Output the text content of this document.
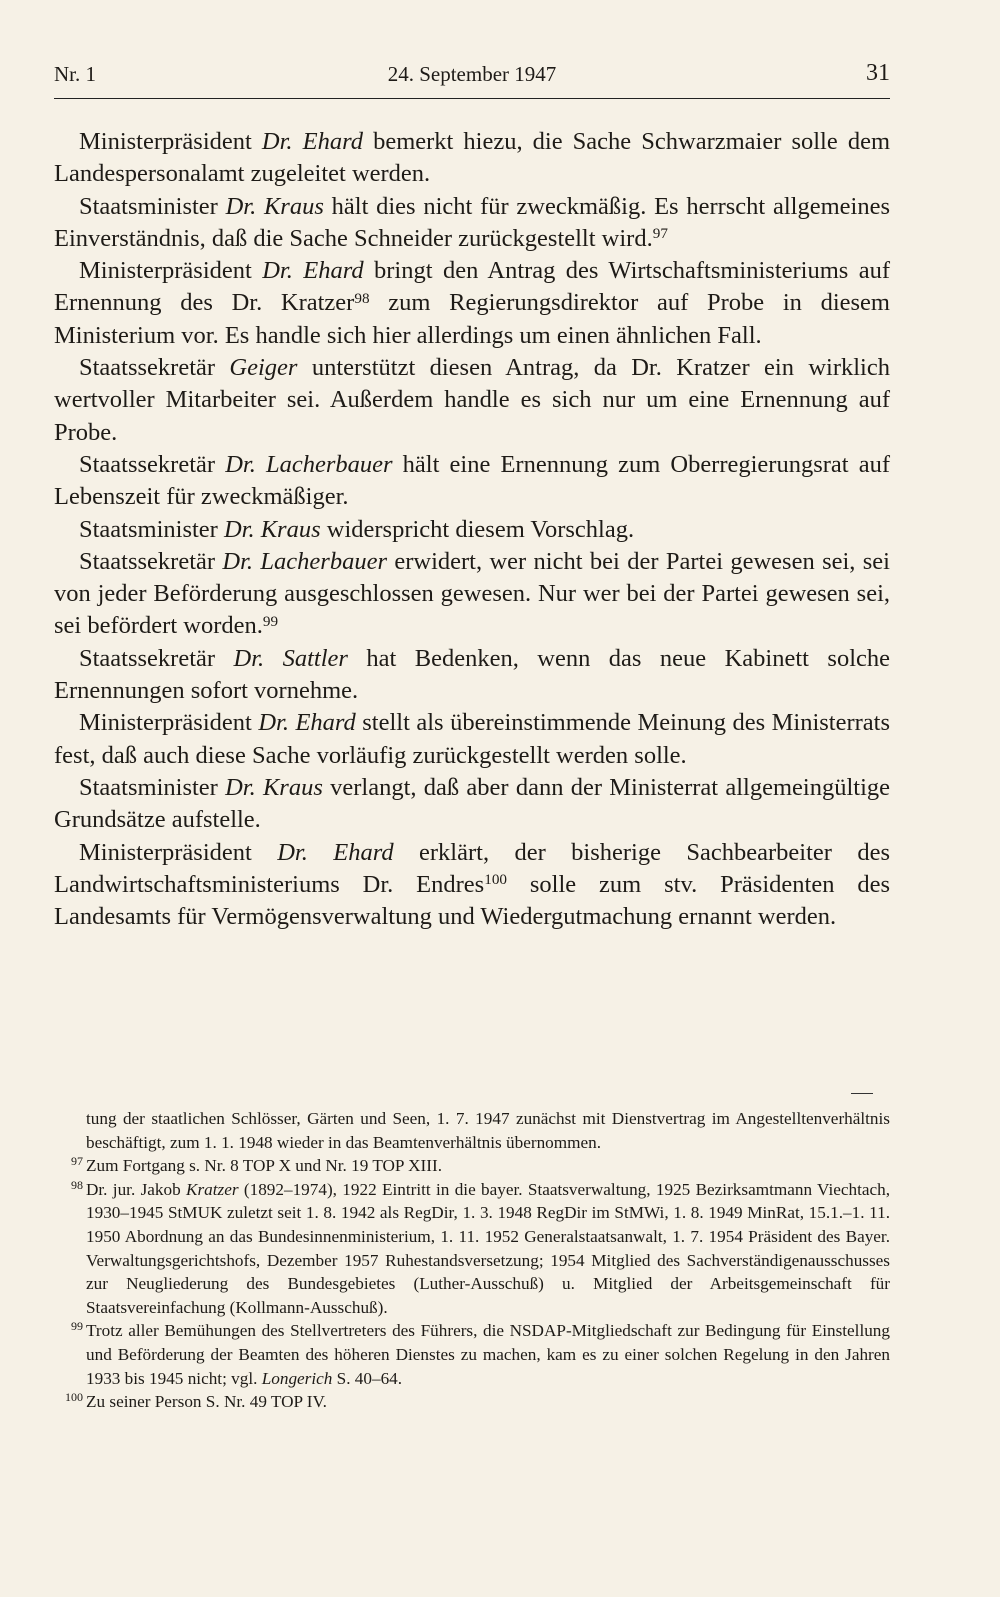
Nr. 1	24. September 1947	31

Ministerpräsident Dr. Ehard bemerkt hiezu, die Sache Schwarzmaier solle dem Landespersonalamt zugeleitet werden.

Staatsminister Dr. Kraus hält dies nicht für zweckmäßig. Es herrscht allgemeines Einverständnis, daß die Sache Schneider zurückgestellt wird.$^{97}$

Ministerpräsident Dr. Ehard bringt den Antrag des Wirtschaftsministeriums auf Ernennung des Dr. Kratzer$^{98}$ zum Regierungsdirektor auf Probe in diesem Ministerium vor. Es handle sich hier allerdings um einen ähnlichen Fall.

Staatssekretär Geiger unterstützt diesen Antrag, da Dr. Kratzer ein wirklich wertvoller Mitarbeiter sei. Außerdem handle es sich nur um eine Ernennung auf Probe.

Staatssekretär Dr. Lacherbauer hält eine Ernennung zum Oberregierungsrat auf Lebenszeit für zweckmäßiger.

Staatsminister Dr. Kraus widerspricht diesem Vorschlag.

Staatssekretär Dr. Lacherbauer erwidert, wer nicht bei der Partei gewesen sei, sei von jeder Beförderung ausgeschlossen gewesen. Nur wer bei der Partei gewesen sei, sei befördert worden.$^{99}$

Staatssekretär Dr. Sattler hat Bedenken, wenn das neue Kabinett solche Ernennungen sofort vornehme.

Ministerpräsident Dr. Ehard stellt als übereinstimmende Meinung des Ministerrats fest, daß auch diese Sache vorläufig zurückgestellt werden solle.

Staatsminister Dr. Kraus verlangt, daß aber dann der Ministerrat allgemeingültige Grundsätze aufstelle.

Ministerpräsident Dr. Ehard erklärt, der bisherige Sachbearbeiter des Landwirtschaftsministeriums Dr. Endres$^{100}$ solle zum stv. Präsidenten des Landesamts für Vermögensverwaltung und Wiedergutmachung ernannt werden.

tung der staatlichen Schlösser, Gärten und Seen, 1. 7. 1947 zunächst mit Dienstvertrag im Angestelltenverhältnis beschäftigt, zum 1. 1. 1948 wieder in das Beamtenverhältnis übernommen.

97 Zum Fortgang s. Nr. 8 TOP X und Nr. 19 TOP XIII.

98 Dr. jur. Jakob Kratzer (1892–1974), 1922 Eintritt in die bayer. Staatsverwaltung, 1925 Bezirksamtmann Viechtach, 1930–1945 StMUK zuletzt seit 1. 8. 1942 als RegDir, 1. 3. 1948 RegDir im StMWi, 1. 8. 1949 MinRat, 15.1.–1. 11. 1950 Abordnung an das Bundesinnenministerium, 1. 11. 1952 Generalstaatsanwalt, 1. 7. 1954 Präsident des Bayer. Verwaltungsgerichtshofs, Dezember 1957 Ruhestandsversetzung; 1954 Mitglied des Sachverständigenausschusses zur Neugliederung des Bundesgebietes (Luther-Ausschuß) u. Mitglied der Arbeitsgemeinschaft für Staatsvereinfachung (Kollmann-Ausschuß).

99 Trotz aller Bemühungen des Stellvertreters des Führers, die NSDAP-Mitgliedschaft zur Bedingung für Einstellung und Beförderung der Beamten des höheren Dienstes zu machen, kam es zu einer solchen Regelung in den Jahren 1933 bis 1945 nicht; vgl. Longerich S. 40–64.

100 Zu seiner Person S. Nr. 49 TOP IV.
